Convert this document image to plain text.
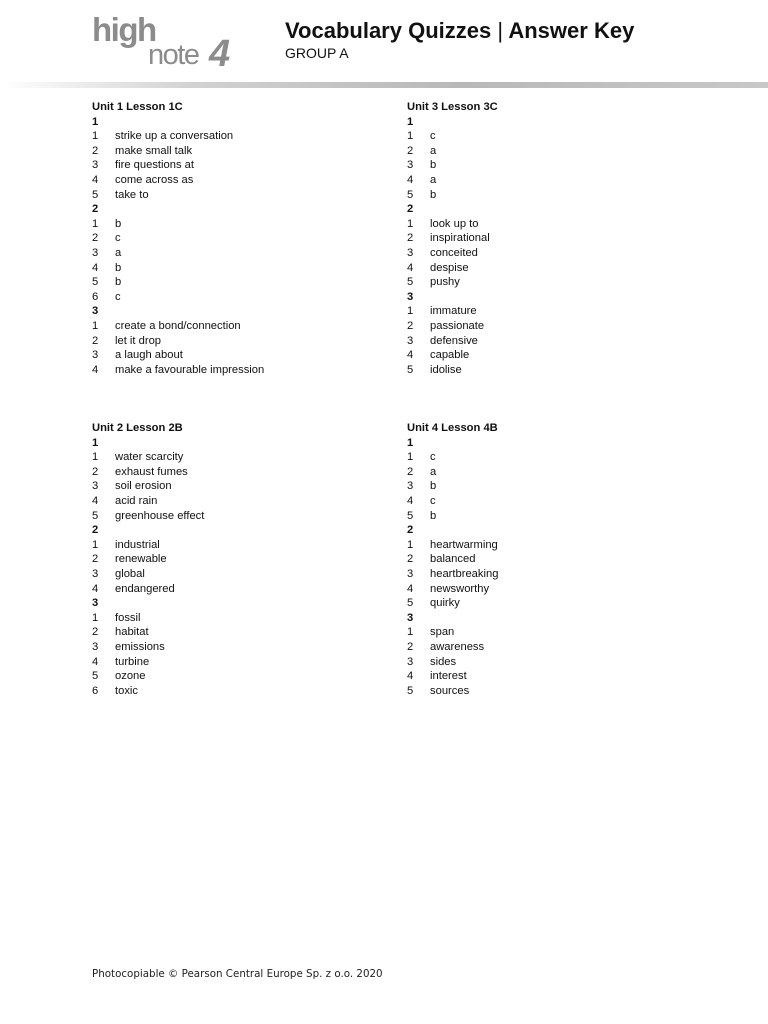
high
note 4
Vocabulary Quizzes | Answer Key
GROUP A
Unit 1 Lesson 1C
1
1 strike up a conversation
2 make small talk
3 fire questions at
4 come across as
5 take to
2
1 b
2 c
3 a
4 b
5 b
6 c
3
1 create a bond/connection
2 let it drop
3 a laugh about
4 make a favourable impression
Unit 3 Lesson 3C
1
1 c
2 a
3 b
4 a
5 b
2
1 look up to
2 inspirational
3 conceited
4 despise
5 pushy
3
1 immature
2 passionate
3 defensive
4 capable
5 idolise
Unit 2 Lesson 2B
1
1 water scarcity
2 exhaust fumes
3 soil erosion
4 acid rain
5 greenhouse effect
2
1 industrial
2 renewable
3 global
4 endangered
3
1 fossil
2 habitat
3 emissions
4 turbine
5 ozone
6 toxic
Unit 4 Lesson 4B
1
1 c
2 a
3 b
4 c
5 b
2
1 heartwarming
2 balanced
3 heartbreaking
4 newsworthy
5 quirky
3
1 span
2 awareness
3 sides
4 interest
5 sources
Photocopiable © Pearson Central Europe Sp. z o.o. 2020
